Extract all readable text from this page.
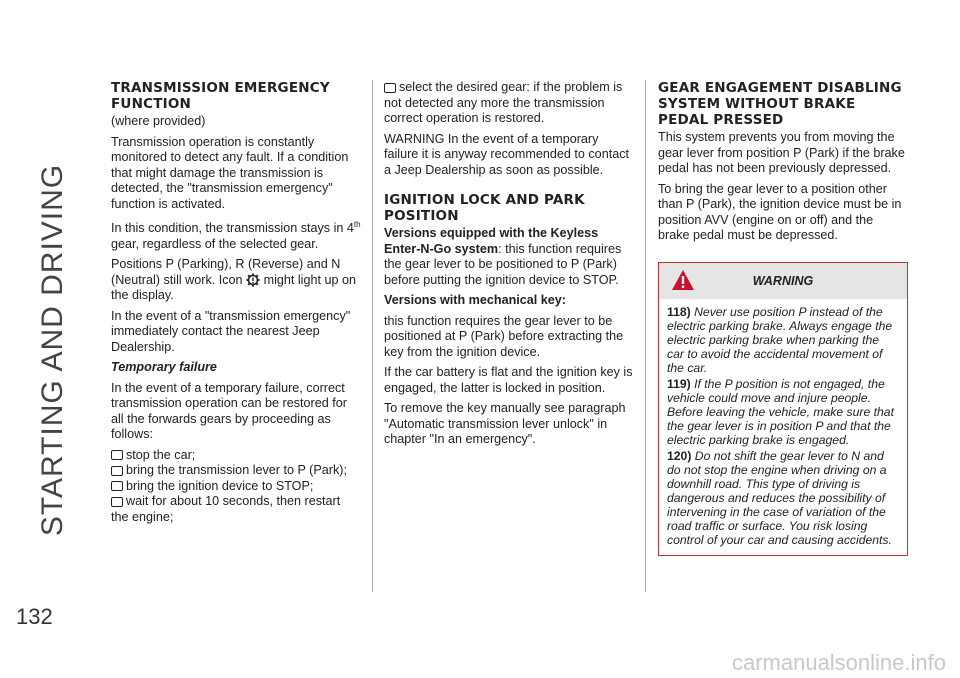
STARTING AND DRIVING
132
carmanualsonline.info
TRANSMISSION EMERGENCY
FUNCTION

(where provided)

Transmission operation is constantly monitored to detect any fault. If a condition that might damage the transmission is detected, the "transmission emergency" function is activated.

In this condition, the transmission stays in 4th gear, regardless of the selected gear.

Positions P (Parking), R (Reverse) and N (Neutral) still work. Icon  might light up on the display.

In the event of a "transmission emergency" immediately contact the nearest Jeep Dealership.

Temporary failure

In the event of a temporary failure, correct transmission operation can be restored for all the forwards gears by proceeding as follows:

stop the car;
bring the transmission lever to P (Park);
bring the ignition device to STOP;
wait for about 10 seconds, then restart the engine;

select the desired gear: if the problem is not detected any more the transmission correct operation is restored.

WARNING In the event of a temporary failure it is anyway recommended to contact a Jeep Dealership as soon as possible.

IGNITION LOCK AND PARK
POSITION

Versions equipped with the Keyless Enter-N-Go system: this function requires the gear lever to be positioned to P (Park) before putting the ignition device to STOP.

Versions with mechanical key:

this function requires the gear lever to be positioned at P (Park) before extracting the key from the ignition device.

If the car battery is flat and the ignition key is engaged, the latter is locked in position.

To remove the key manually see paragraph "Automatic transmission lever unlock" in chapter "In an emergency".

GEAR ENGAGEMENT DISABLING
SYSTEM WITHOUT BRAKE
PEDAL PRESSED

This system prevents you from moving the gear lever from position P (Park) if the brake pedal has not been previously depressed.

To bring the gear lever to a position other than P (Park), the ignition device must be in position AVV (engine on or off) and the brake pedal must be depressed.

WARNING

118) Never use position P instead of the electric parking brake. Always engage the electric parking brake when parking the car to avoid the accidental movement of the car.

119) If the P position is not engaged, the vehicle could move and injure people. Before leaving the vehicle, make sure that the gear lever is in position P and that the electric parking brake is engaged.

120) Do not shift the gear lever to N and do not stop the engine when driving on a downhill road. This type of driving is dangerous and reduces the possibility of intervening in the case of variation of the road traffic or surface. You risk losing control of your car and causing accidents.
